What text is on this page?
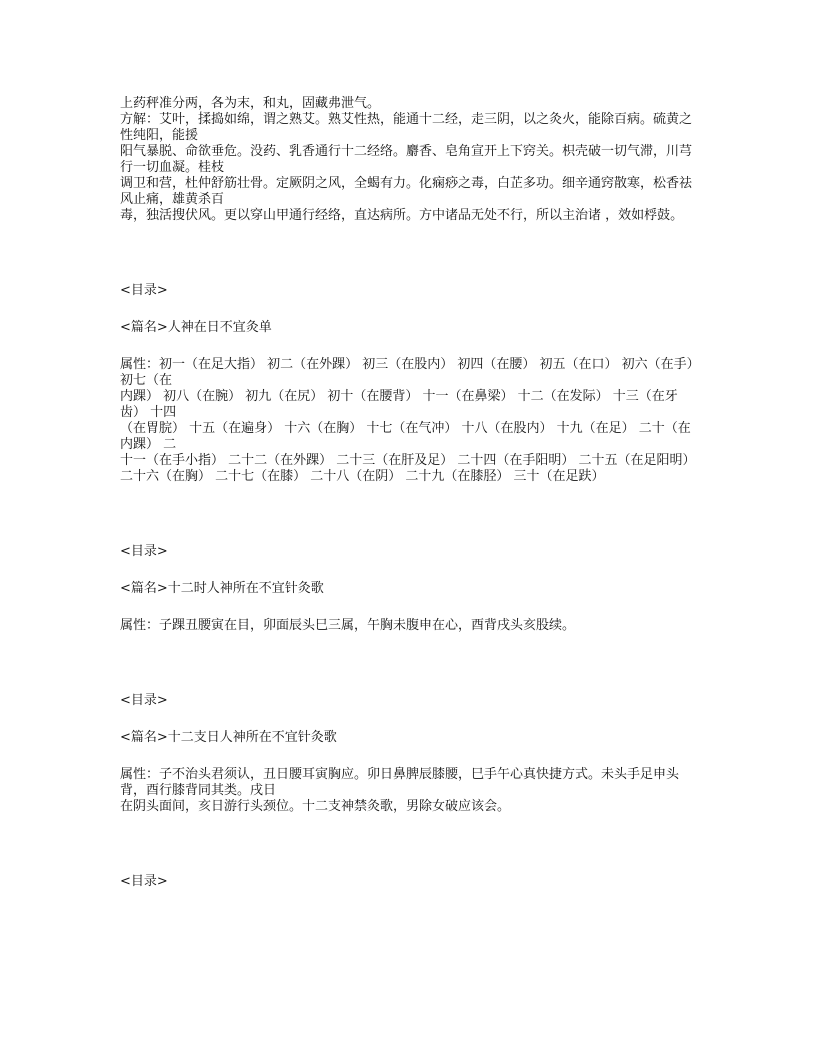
上药秤准分两，各为末，和丸，固藏弗泄气。

方解：艾叶，揉捣如绵，谓之熟艾。熟艾性热，能通十二经，走三阴，以之灸火，能除百病。硫黄之性纯阳，能援

阳气暴脱、命欲垂危。没药、乳香通行十二经络。麝香、皂角宣开上下窍关。枳壳破一切气滞，川芎行一切血凝。桂枝

调卫和营，杜仲舒筋壮骨。定厥阴之风，全蝎有力。化痫痧之毒，白芷多功。细辛通窍散寒，松香祛风止痛，雄黄杀百

毒，独活搜伏风。更以穿山甲通行经络，直达病所。方中诸品无处不行，所以主治诸 ，效如桴鼓。

<目录>

<篇名>人神在日不宜灸单

属性：初一（在足大指） 初二（在外踝） 初三（在股内） 初四（在腰） 初五（在口） 初六（在手） 初七（在

内踝） 初八（在腕） 初九（在尻） 初十（在腰背） 十一（在鼻梁） 十二（在发际） 十三（在牙齿） 十四

（在胃脘） 十五（在遍身） 十六（在胸） 十七（在气冲） 十八（在股内） 十九（在足） 二十（在内踝） 二

十一（在手小指） 二十二（在外踝） 二十三（在肝及足） 二十四（在手阳明） 二十五（在足阳明）

二十六（在胸） 二十七（在膝） 二十八（在阴） 二十九（在膝胫） 三十（在足趺）

<目录>

<篇名>十二时人神所在不宜针灸歌

属性：子踝丑腰寅在目，卯面辰头巳三属，午胸未腹申在心，酉背戌头亥股续。

<目录>

<篇名>十二支日人神所在不宜针灸歌

属性：子不治头君须认，丑日腰耳寅胸应。卯日鼻脾辰膝腰，巳手午心真快捷方式。未头手足申头背，酉行膝背同其类。戌日

在阴头面间，亥日游行头颈位。十二支神禁灸歌，男除女破应该会。

<目录>
